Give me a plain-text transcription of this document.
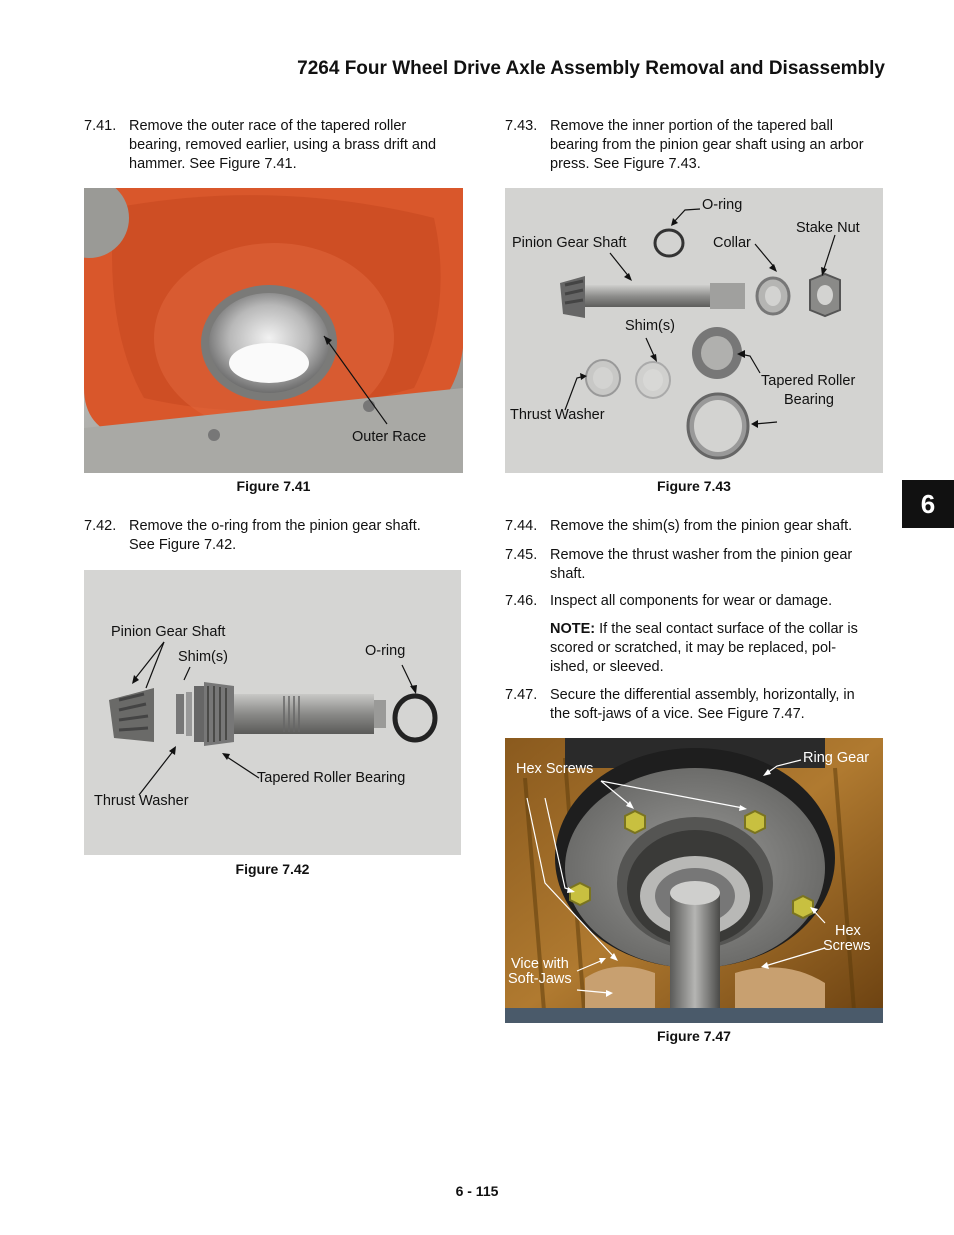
7264 Four Wheel Drive Axle Assembly Removal and Disassembly
7.41. Remove the outer race of the tapered roller
bearing, removed earlier, using a brass drift and
hammer. See Figure 7.41.
Outer Race
Figure 7.41
7.42. Remove the o-ring from the pinion gear shaft.
See Figure 7.42.
Pinion Gear Shaft
Shim(s)	O-ring
Thrust Washer
Tapered Roller Bearing
Figure 7.42
7.43. Remove the inner portion of the tapered ball
bearing from the pinion gear shaft using an arbor
press. See Figure 7.43.
O-ring
Stake Nut
Pinion Gear Shaft	Collar
Shim(s)
Tapered Roller
Bearing
Thrust Washer
Figure 7.43
7.44. Remove the shim(s) from the pinion gear shaft.
7.45. Remove the thrust washer from the pinion gear
shaft.
7.46. Inspect all components for wear or damage.
NOTE: If the seal contact surface of the collar is
scored or scratched, it may be replaced, pol-
ished, or sleeved.
7.47. Secure the differential assembly, horizontally, in
the soft-jaws of a vice. See Figure 7.47.
Hex Screws
Ring Gear
Hex
Screws
Vice with
Soft-Jaws
Figure 7.47
6
6 - 115
